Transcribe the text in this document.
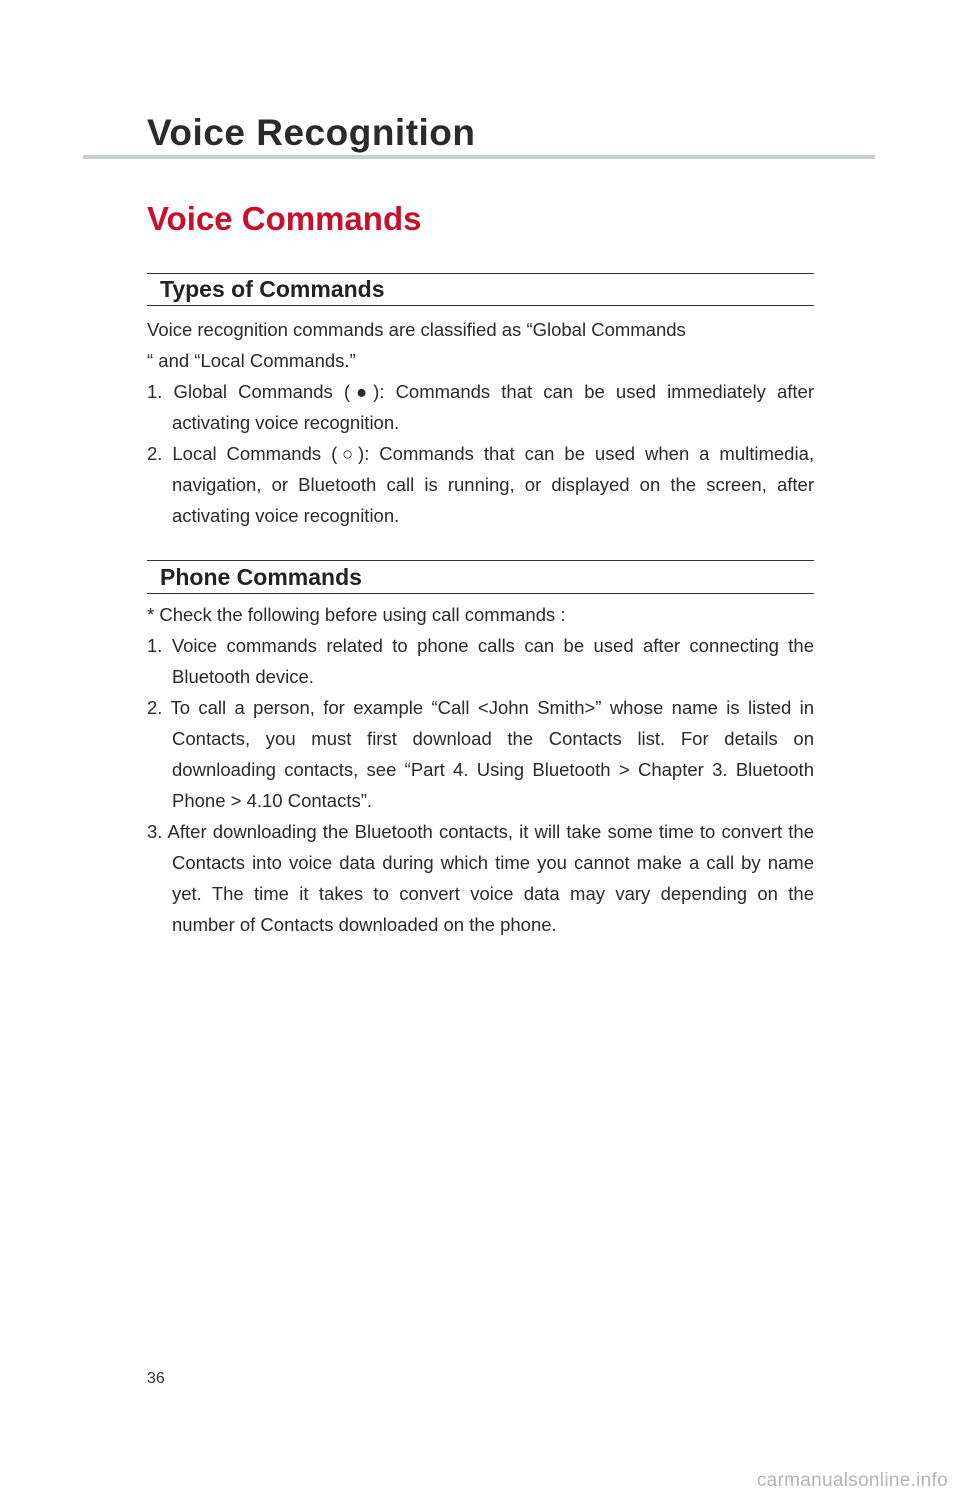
Voice Recognition
Voice Commands
Types of Commands

Voice recognition commands are classified as “Global Commands

“ and “Local Commands.”

1. Global Commands (●): Commands that can be used immediately after activating voice recognition.

2. Local Commands (○): Commands that can be used when a multimedia, navigation, or Bluetooth call is running, or displayed on the screen, after activating voice recognition.

Phone Commands

* Check the following before using call commands :

1. Voice commands related to phone calls can be used after connecting the Bluetooth device.

2. To call a person, for example “Call <John Smith>” whose name is listed in Contacts, you must first download the Contacts list. For details on downloading contacts, see “Part 4. Using Bluetooth > Chapter 3. Bluetooth Phone > 4.10 Contacts”.

3. After downloading the Bluetooth contacts, it will take some time to convert the Contacts into voice data during which time you cannot make a call by name yet. The time it takes to convert voice data may vary depending on the number of Contacts downloaded on the phone.

36
carmanualsonline.info
